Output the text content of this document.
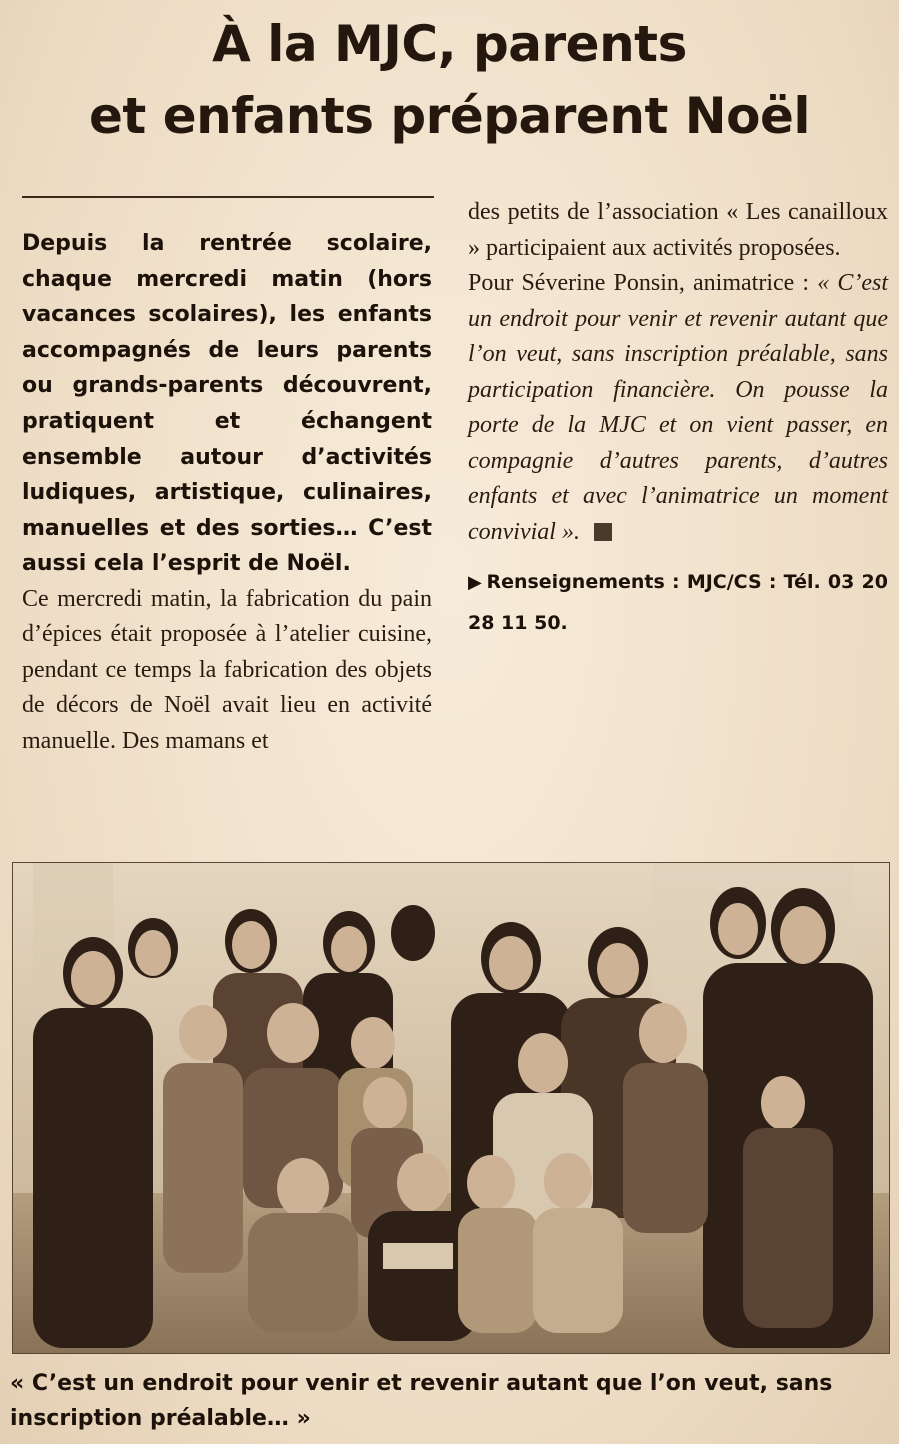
À la MJC, parents
et enfants préparent Noël

Depuis la rentrée scolaire, chaque mercredi matin (hors vacances scolaires), les enfants accompagnés de leurs parents ou grands-parents découvrent, pratiquent et échangent ensemble autour d’activités ludiques, artistique, culinaires, manuelles et des sorties… C’est aussi cela l’esprit de Noël.

Ce mercredi matin, la fabrication du pain d’épices était proposée à l’atelier cuisine, pendant ce temps la fabrication des objets de décors de Noël avait lieu en activité manuelle. Des mamans et

des petits de l’association « Les canailloux » participaient aux activités proposées.

Pour Séverine Ponsin, animatrice : « C’est un endroit pour venir et revenir autant que l’on veut, sans inscription préalable, sans participation financière. On pousse la porte de la MJC et on vient passer, en compagnie d’autres parents, d’autres enfants et avec l’animatrice un moment convivial ».

▶ Renseignements : MJC/CS : Tél. 03 20 28 11 50.

« C’est un endroit pour venir et revenir autant que l’on veut, sans inscription préalable… »
